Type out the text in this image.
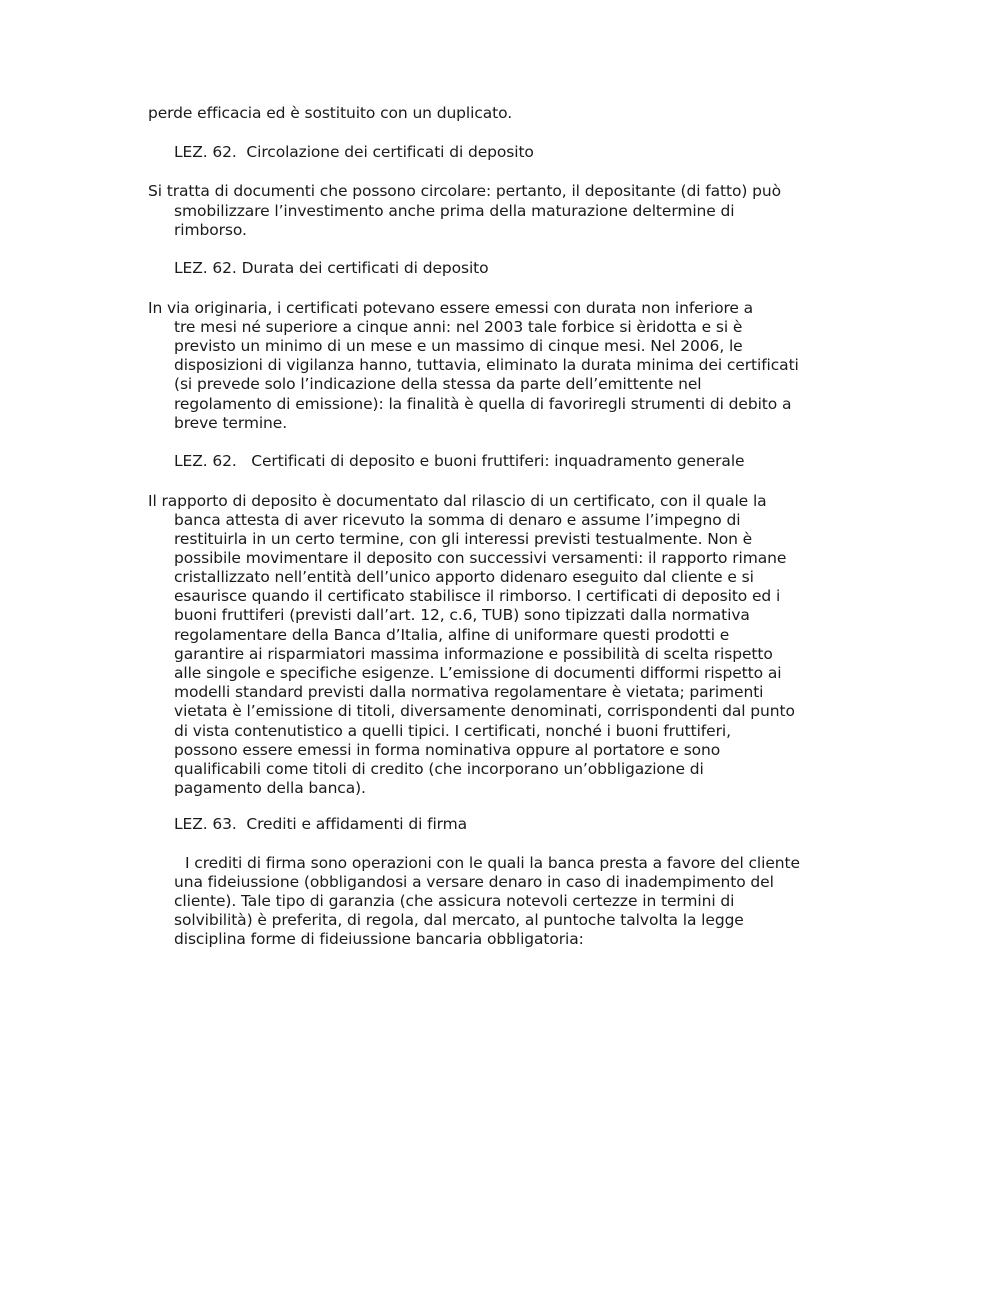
perde efficacia ed è sostituito con un duplicato.
LEZ. 62.  Circolazione dei certificati di deposito
Si tratta di documenti che possono circolare: pertanto, il depositante (di fatto) può
smobilizzare l’investimento anche prima della maturazione deltermine di
rimborso.
LEZ. 62. Durata dei certificati di deposito
In via originaria, i certificati potevano essere emessi con durata non inferiore a
tre mesi né superiore a cinque anni: nel 2003 tale forbice si èridotta e si è
previsto un minimo di un mese e un massimo di cinque mesi. Nel 2006, le
disposizioni di vigilanza hanno, tuttavia, eliminato la durata minima dei certificati
(si prevede solo l’indicazione della stessa da parte dell’emittente nel
regolamento di emissione): la finalità è quella di favoriregli strumenti di debito a
breve termine.
LEZ. 62.   Certificati di deposito e buoni fruttiferi: inquadramento generale
Il rapporto di deposito è documentato dal rilascio di un certificato, con il quale la
banca attesta di aver ricevuto la somma di denaro e assume l’impegno di
restituirla in un certo termine, con gli interessi previsti testualmente. Non è
possibile movimentare il deposito con successivi versamenti: il rapporto rimane
cristallizzato nell’entità dell’unico apporto didenaro eseguito dal cliente e si
esaurisce quando il certificato stabilisce il rimborso. I certificati di deposito ed i
buoni fruttiferi (previsti dall’art. 12, c.6, TUB) sono tipizzati dalla normativa
regolamentare della Banca d’Italia, alfine di uniformare questi prodotti e
garantire ai risparmiatori massima informazione e possibilità di scelta rispetto
alle singole e specifiche esigenze. L’emissione di documenti difformi rispetto ai
modelli standard previsti dalla normativa regolamentare è vietata; parimenti
vietata è l’emissione di titoli, diversamente denominati, corrispondenti dal punto
di vista contenutistico a quelli tipici. I certificati, nonché i buoni fruttiferi,
possono essere emessi in forma nominativa oppure al portatore e sono
qualificabili come titoli di credito (che incorporano un’obbligazione di
pagamento della banca).
LEZ. 63.  Crediti e affidamenti di firma
I crediti di firma sono operazioni con le quali la banca presta a favore del cliente
una fideiussione (obbligandosi a versare denaro in caso di inadempimento del
cliente). Tale tipo di garanzia (che assicura notevoli certezze in termini di
solvibilità) è preferita, di regola, dal mercato, al puntoche talvolta la legge
disciplina forme di fideiussione bancaria obbligatoria:
